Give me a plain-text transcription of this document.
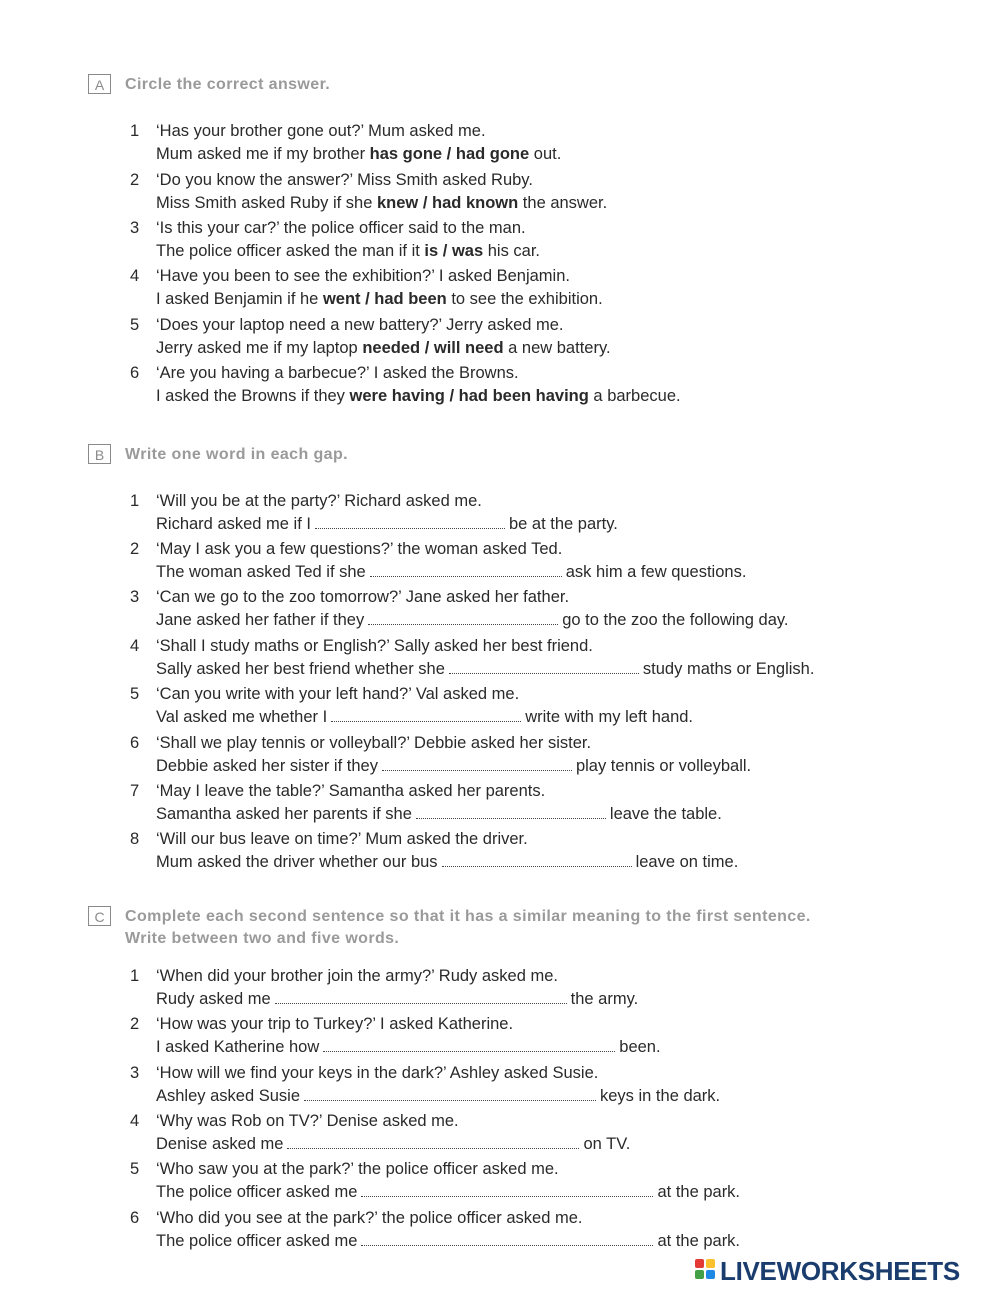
A	Circle the correct answer.
1	‘Has your brother gone out?’ Mum asked me.
Mum asked me if my brother has gone / had gone out.
2	‘Do you know the answer?’ Miss Smith asked Ruby.
Miss Smith asked Ruby if she knew / had known the answer.
3	‘Is this your car?’ the police officer said to the man.
The police officer asked the man if it is / was his car.
4	‘Have you been to see the exhibition?’ I asked Benjamin.
I asked Benjamin if he went / had been to see the exhibition.
5	‘Does your laptop need a new battery?’ Jerry asked me.
Jerry asked me if my laptop needed / will need a new battery.
6	‘Are you having a barbecue?’ I asked the Browns.
I asked the Browns if they were having / had been having a barbecue.
B	Write one word in each gap.
1	‘Will you be at the party?’ Richard asked me.
Richard asked me if I	be at the party.
2	‘May I ask you a few questions?’ the woman asked Ted.
The woman asked Ted if she	ask him a few questions.
3	‘Can we go to the zoo tomorrow?’ Jane asked her father.
Jane asked her father if they	go to the zoo the following day.
4	‘Shall I study maths or English?’ Sally asked her best friend.
Sally asked her best friend whether she	study maths or English.
5	‘Can you write with your left hand?’ Val asked me.
Val asked me whether I	write with my left hand.
6	‘Shall we play tennis or volleyball?’ Debbie asked her sister.
Debbie asked her sister if they	play tennis or volleyball.
7	‘May I leave the table?’ Samantha asked her parents.
Samantha asked her parents if she	leave the table.
8	‘Will our bus leave on time?’ Mum asked the driver.
Mum asked the driver whether our bus	leave on time.
C	Complete each second sentence so that it has a similar meaning to the first sentence. Write between two and five words.
1	‘When did your brother join the army?’ Rudy asked me.
Rudy asked me	the army.
2	‘How was your trip to Turkey?’ I asked Katherine.
I asked Katherine how	been.
3	‘How will we find your keys in the dark?’ Ashley asked Susie.
Ashley asked Susie	keys in the dark.
4	‘Why was Rob on TV?’ Denise asked me.
Denise asked me	on TV.
5	‘Who saw you at the park?’ the police officer asked me.
The police officer asked me	at the park.
6	‘Who did you see at the park?’ the police officer asked me.
The police officer asked me	at the park.
LIVEWORKSHEETS
